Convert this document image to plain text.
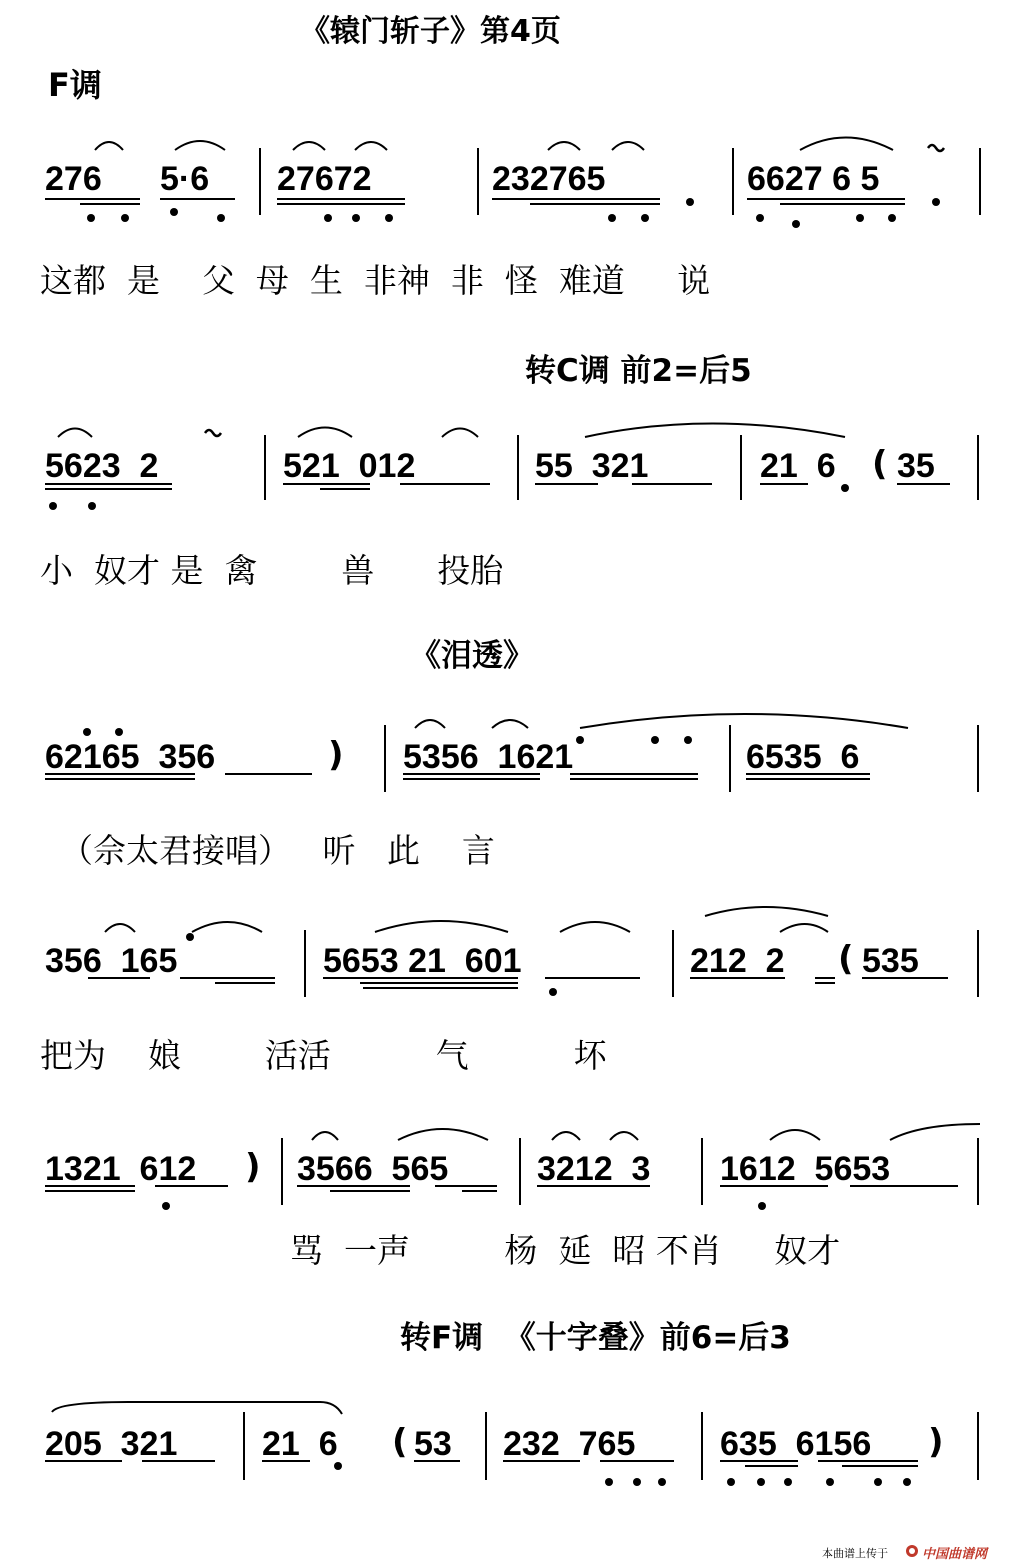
《辕门斩子》第4页
F调
276 5·6 27672	232765	6627 6 5
这都  是    父  母  生  非神  非  怪  难道     说
转C调 前2=后5
5623  2	521  012	55  321	21  6 ( 35
小  奴才 是  禽        兽      投胎
《泪透》
62165  356	) 5356  1621	6535  6
（佘太君接唱）   听   此    言
356  165	5653 21  601	212  2 ( 535
把为    娘        活活          气          坏
1321  612 ) 3566  565	3212  3 1612  5653
骂  一声         杨  延  昭 不肖     奴才
转F调  《十字叠》前6=后3
205  321 21  6 ( 53 232  765 635  6156 )
本曲谱上传于	中国曲谱网
